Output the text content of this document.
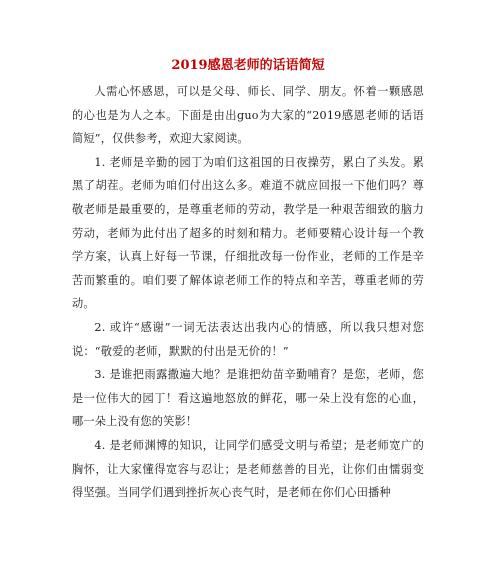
2019感恩老师的话语简短

人需心怀感恩，可以是父母、师长、同学、朋友。怀着一颗感恩的心也是为人之本。下面是由出guo为大家的“2019感恩老师的话语简短”，仅供参考，欢迎大家阅读。

1. 老师是辛勤的园丁为咱们这祖国的日夜操劳，累白了头发。累黑了胡茬。老师为咱们付出这么多。难道不就应回报一下他们吗？尊敬老师是最重要的，是尊重老师的劳动，教学是一种艰苦细致的脑力劳动，老师为此付出了超多的时刻和精力。老师要精心设计每一个教学方案，认真上好每一节课，仔细批改每一份作业，老师的工作是辛苦而繁重的。咱们要了解体谅老师工作的特点和辛苦，尊重老师的劳动。

2. 或许“感谢”一词无法表达出我内心的情感，所以我只想对您说：“敬爱的老师，默默的付出是无价的！”

3. 是谁把雨露撒遍大地？是谁把幼苗辛勤哺育？是您，老师，您是一位伟大的园丁！看这遍地怒放的鲜花，哪一朵上没有您的心血，哪一朵上没有您的笑影！

4. 是老师渊博的知识，让同学们感受文明与希望；是老师宽广的胸怀，让大家懂得宽容与忍让；是老师慈善的目光，让你们由懦弱变得坚强。当同学们遇到挫折灰心丧气时，是老师在你们心田播种
